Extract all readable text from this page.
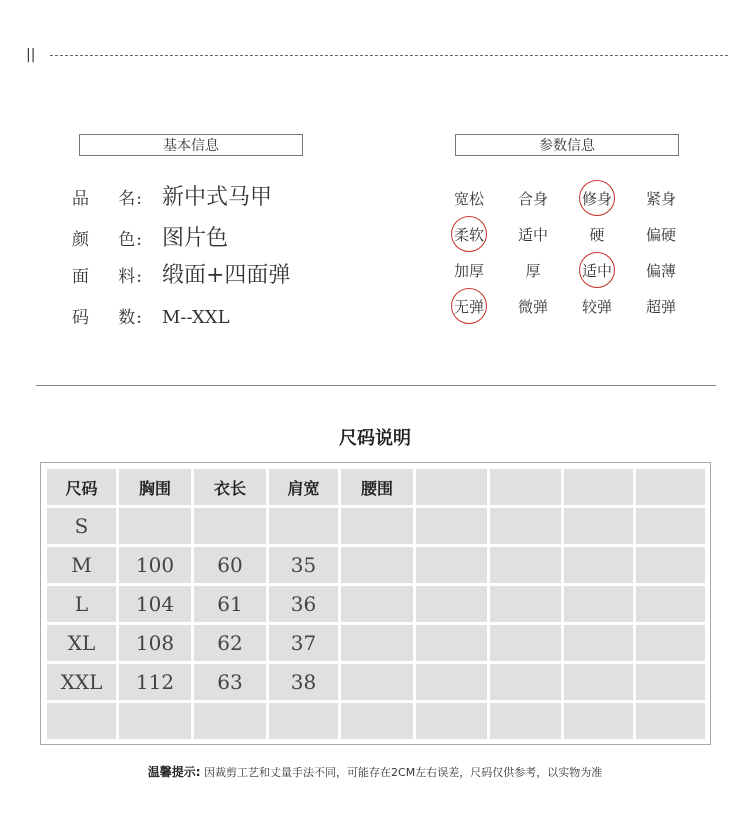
||
基本信息	参数信息
品 名: 新中式马甲
颜 色: 图片色
面 料: 缎面+四面弹
码 数: M--XXL
宽松	合身	修身	紧身
柔软	适中	硬	偏硬
加厚	厚	适中	偏薄
无弹	微弹	较弹	超弹
尺码说明
尺码	胸围	衣长	肩宽	腰围				
S								
M	100	60	35					
L	104	61	36					
XL	108	62	37					
XXL	112	63	38					

温馨提示: 因裁剪工艺和丈量手法不同，可能存在2CM左右误差，尺码仅供参考，以实物为准
